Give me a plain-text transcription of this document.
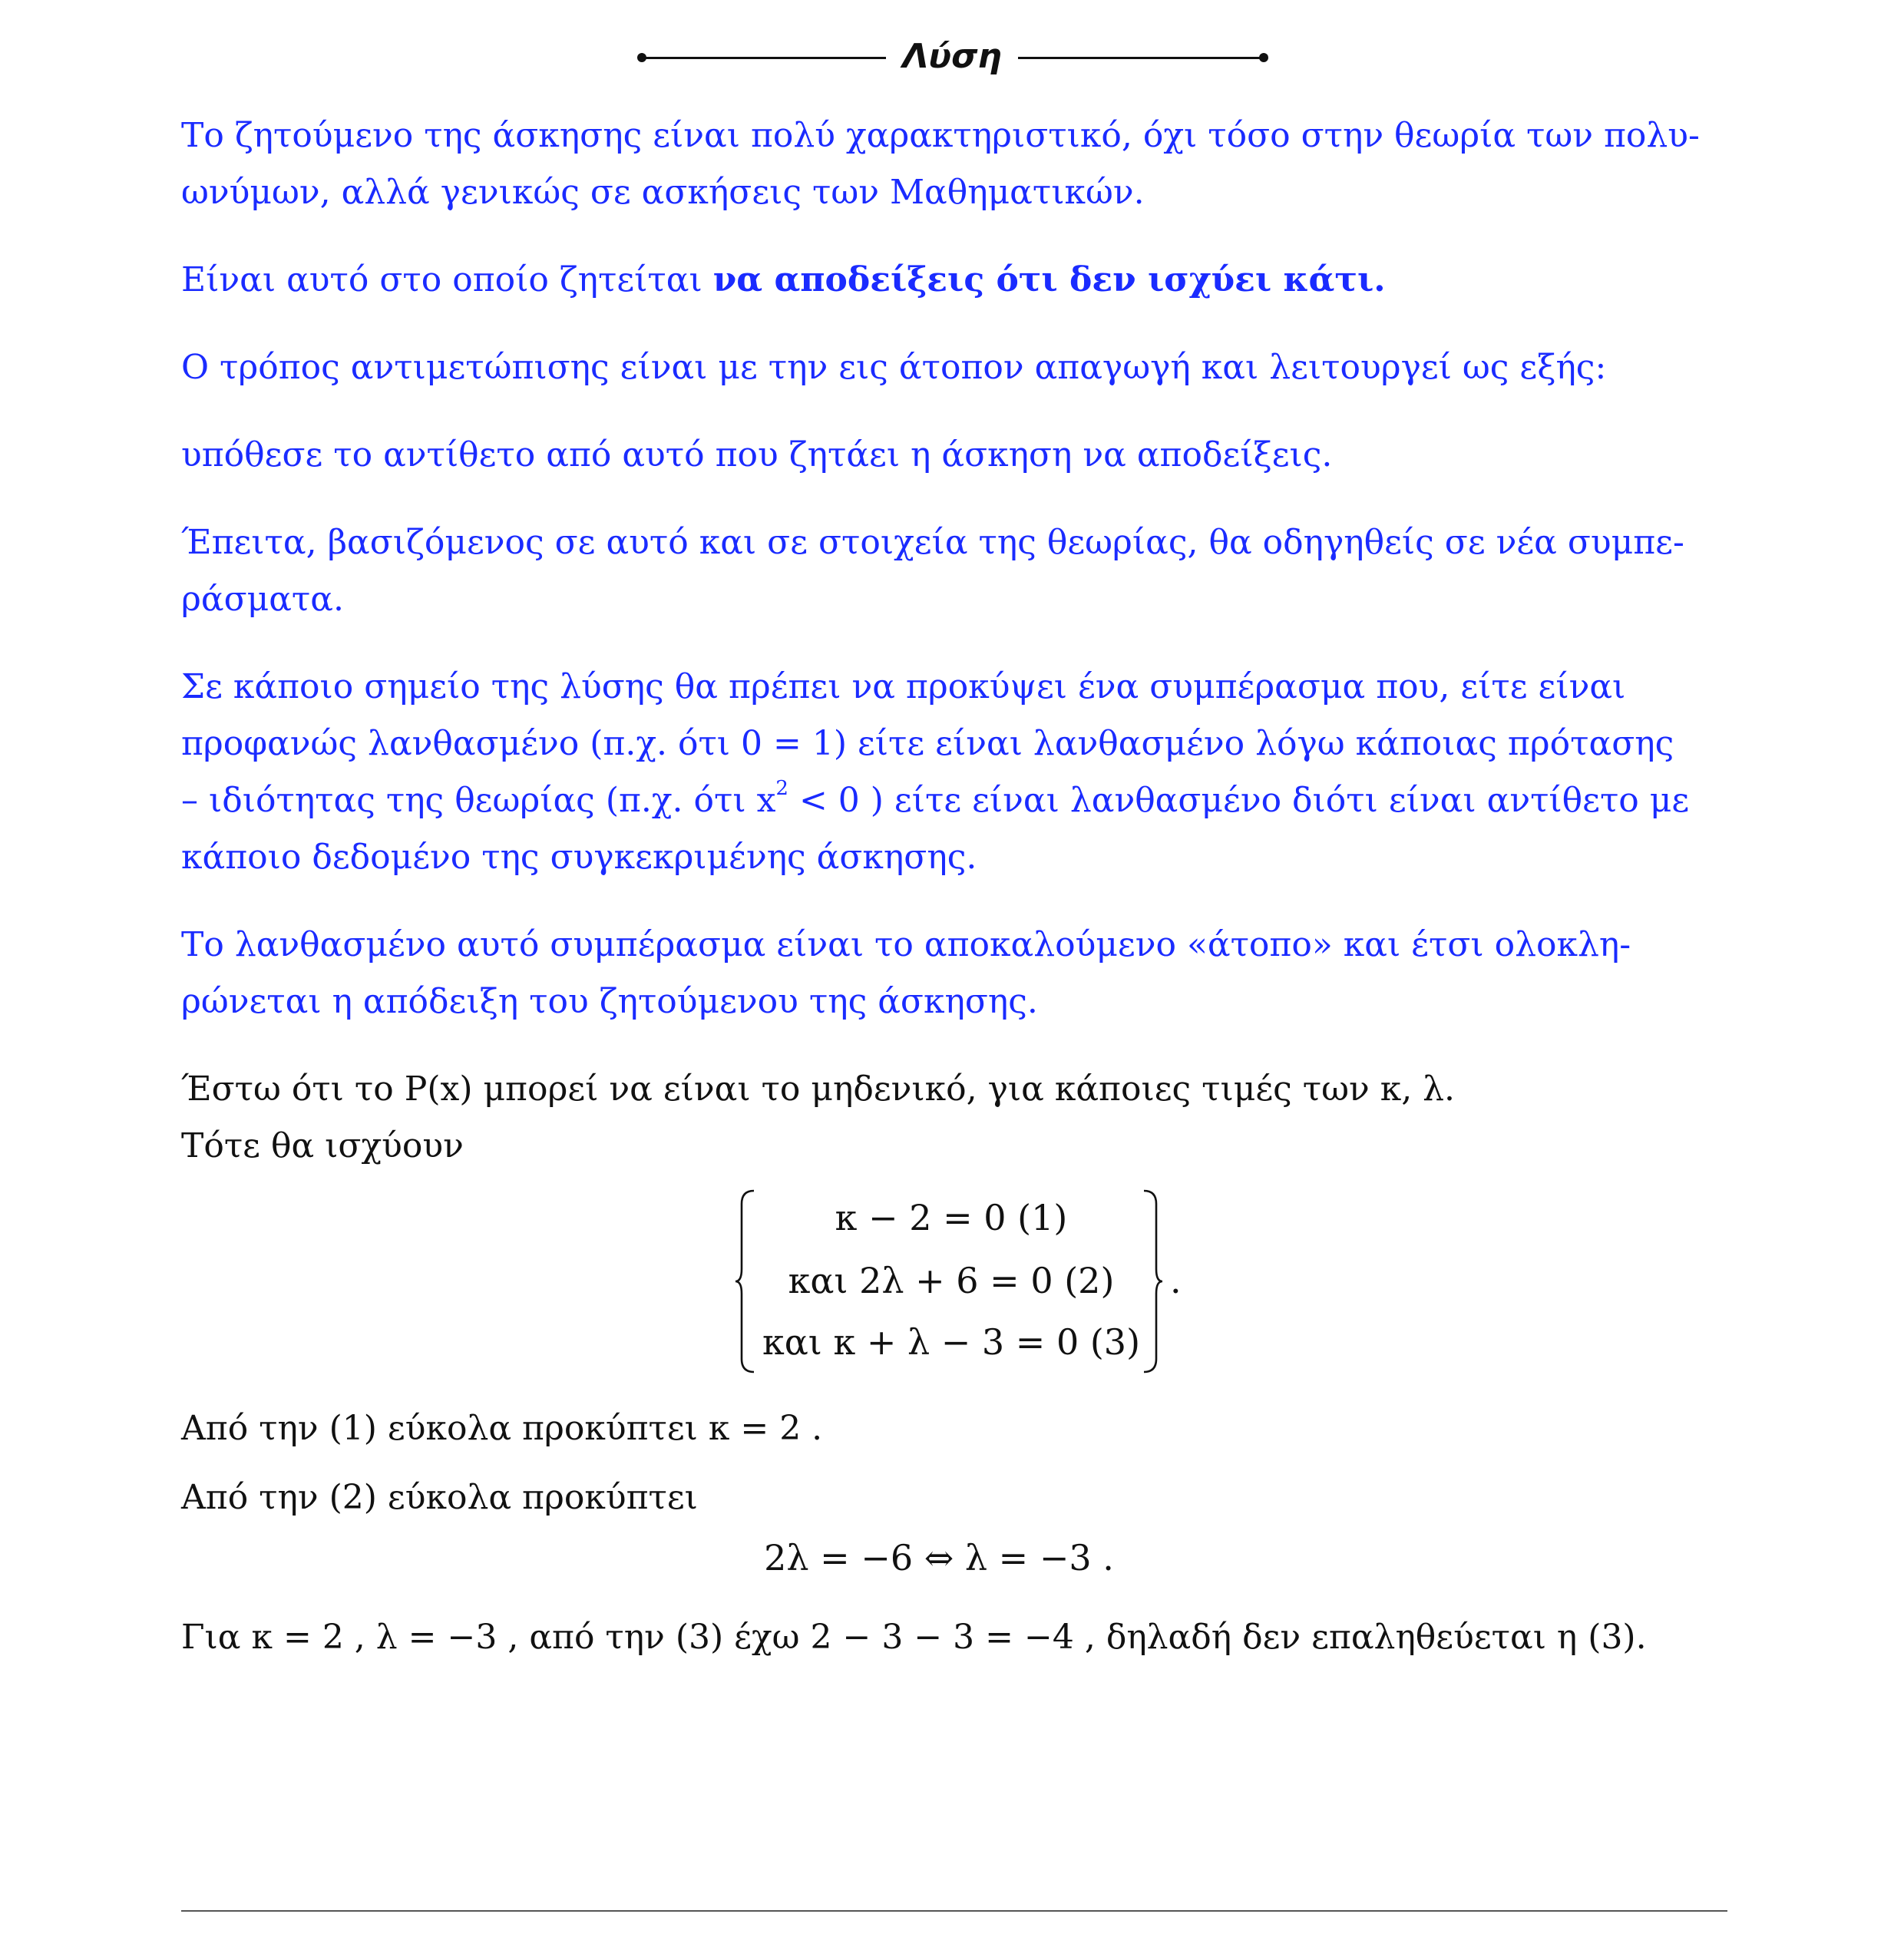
Λύση
Το ζητούμενο της άσκησης είναι πολύ χαρακτηριστικό, όχι τόσο στην θεωρία των πολυ-
ωνύμων, αλλά γενικώς σε ασκήσεις των Μαθηματικών.
Είναι αυτό στο οποίο ζητείται να αποδείξεις ότι δεν ισχύει κάτι.
Ο τρόπος αντιμετώπισης είναι με την εις άτοπον απαγωγή και λειτουργεί ως εξής:
υπόθεσε το αντίθετο από αυτό που ζητάει η άσκηση να αποδείξεις.
Έπειτα, βασιζόμενος σε αυτό και σε στοιχεία της θεωρίας, θα οδηγηθείς σε νέα συμπε-
ράσματα.
Σε κάποιο σημείο της λύσης θα πρέπει να προκύψει ένα συμπέρασμα που, είτε είναι
προφανώς λανθασμένο (π.χ. ότι 0 = 1) είτε είναι λανθασμένο λόγω κάποιας πρότασης
– ιδιότητας της θεωρίας (π.χ. ότι $x^2 < 0$ ) είτε είναι λανθασμένο διότι είναι αντίθετο με
κάποιο δεδομένο της συγκεκριμένης άσκησης.
Το λανθασμένο αυτό συμπέρασμα είναι το αποκαλούμενο «άτοπο» και έτσι ολοκλη-
ρώνεται η απόδειξη του ζητούμενου της άσκησης.
Έστω ότι το P(x) μπορεί να είναι το μηδενικό, για κάποιες τιμές των κ, λ.
Τότε θα ισχύουν
κ − 2 = 0 (1)
και 2λ + 6 = 0 (2)
και κ + λ − 3 = 0 (3)
.
Από την (1) εύκολα προκύπτει κ = 2 .
Από την (2) εύκολα προκύπτει
2λ = −6 ⇔ λ = −3 .
Για κ = 2 , λ = −3 , από την (3) έχω 2 − 3 − 3 = −4 , δηλαδή δεν επαληθεύεται η (3).
